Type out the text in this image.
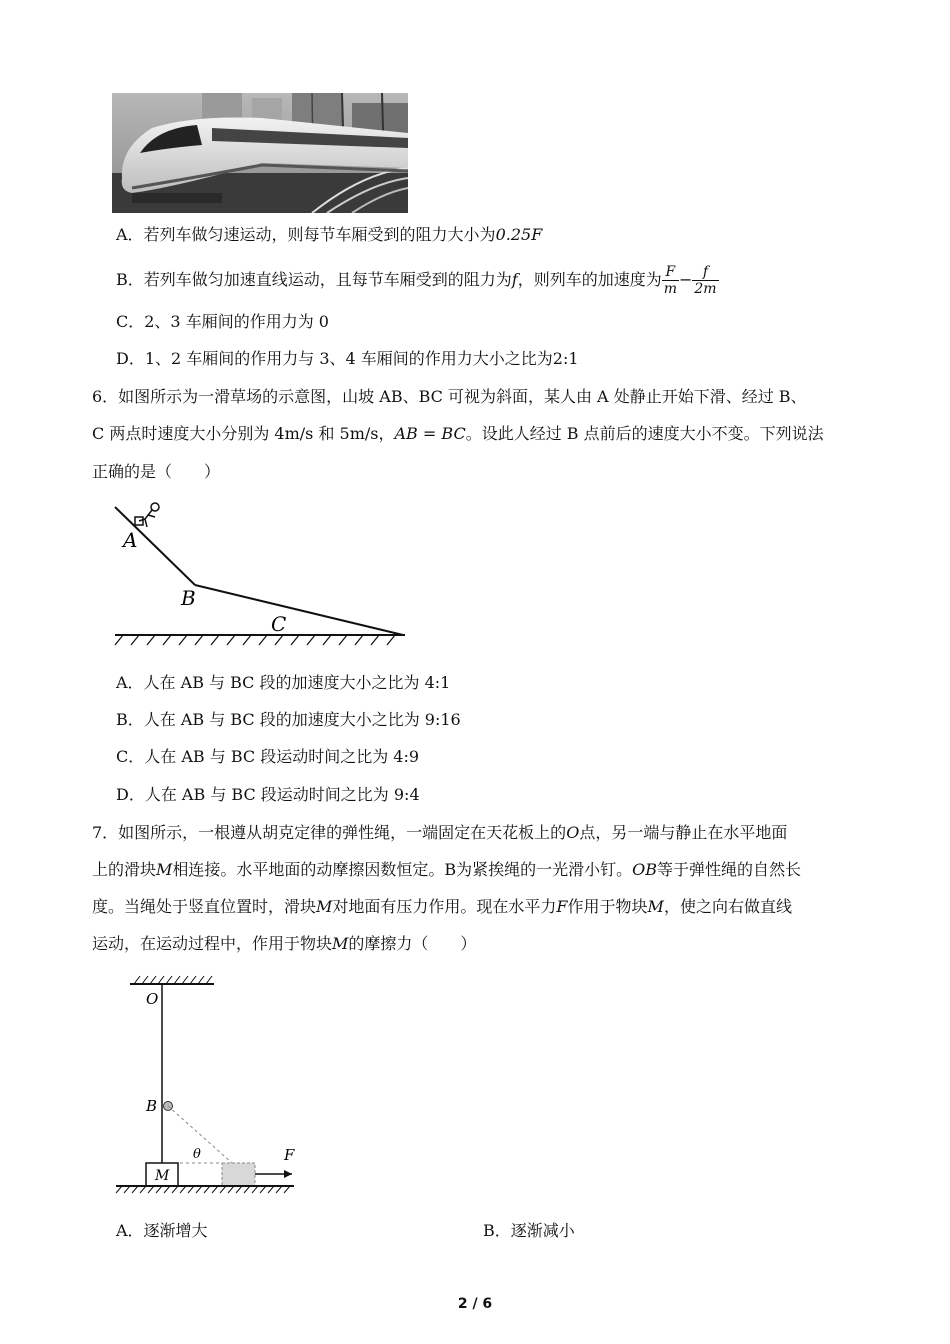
A．若列车做匀速运动，则每节车厢受到的阻力大小为0.25F
B．若列车做匀加速直线运动，且每节车厢受到的阻力为f，则列车的加速度为 $\frac{F}{m} - \frac{f}{2m}$
C．2、3 车厢间的作用力为 0
D．1、2 车厢间的作用力与 3、4 车厢间的作用力大小之比为2:1
6．如图所示为一滑草场的示意图，山坡 AB、BC 可视为斜面，某人由 A 处静止开始下滑、经过 B、
C 两点时速度大小分别为 4m/s 和 5m/s，AB = BC。设此人经过 B 点前后的速度大小不变。下列说法
正确的是（　　）
A
B
C
A．人在 AB 与 BC 段的加速度大小之比为 4:1
B．人在 AB 与 BC 段的加速度大小之比为 9:16
C．人在 AB 与 BC 段运动时间之比为 4:9
D．人在 AB 与 BC 段运动时间之比为 9:4
7．如图所示，一根遵从胡克定律的弹性绳，一端固定在天花板上的O点，另一端与静止在水平地面
上的滑块M相连接。水平地面的动摩擦因数恒定。B为紧挨绳的一光滑小钉。OB等于弹性绳的自然长
度。当绳处于竖直位置时，滑块M对地面有压力作用。现在水平力F作用于物块M，使之向右做直线
运动，在运动过程中，作用于物块M的摩擦力（　　）
O
B
θ
M
F
A．逐渐增大	B．逐渐减小
2 / 6
